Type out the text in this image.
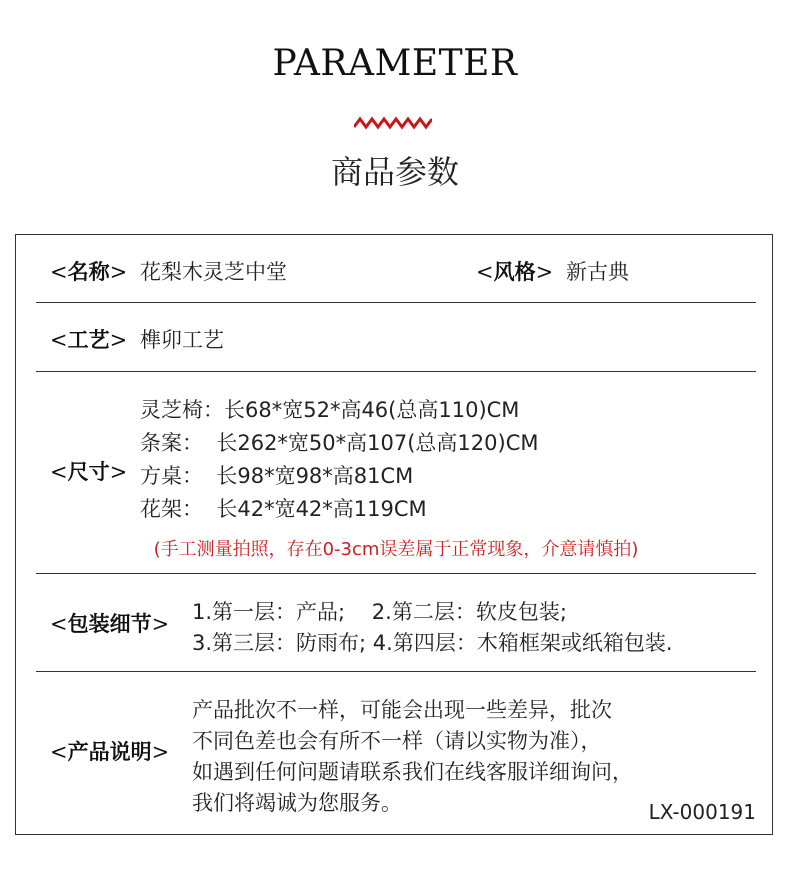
PARAMETER
商品参数
<名称> 花梨木灵芝中堂	<风格> 新古典
<工艺> 榫卯工艺
<尺寸>
灵芝椅：长68*宽52*高46(总高110)CM
条案：  长262*宽50*高107(总高120)CM
方桌：  长98*宽98*高81CM
花架：  长42*宽42*高119CM
(手工测量拍照，存在0-3cm误差属于正常现象，介意请慎拍)
<包装细节> 1.第一层：产品;    2.第二层：软皮包装;
3.第三层：防雨布; 4.第四层：木箱框架或纸箱包装.
<产品说明>
产品批次不一样，可能会出现一些差异，批次
不同色差也会有所不一样（请以实物为准），
如遇到任何问题请联系我们在线客服详细询问，
我们将竭诚为您服务。	LX-000191
